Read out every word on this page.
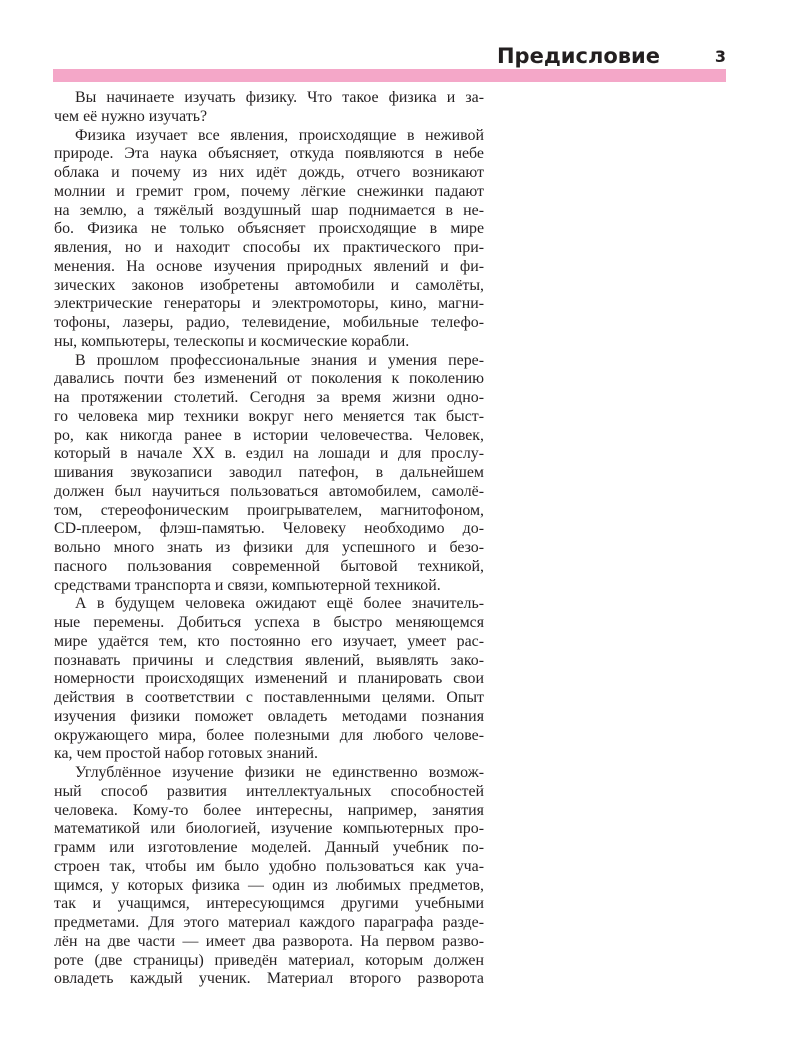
Предисловие	3

Вы начинаете изучать физику. Что такое физика и за-
чем её нужно изучать?

Физика изучает все явления, происходящие в неживой
природе. Эта наука объясняет, откуда появляются в небе
облака и почему из них идёт дождь, отчего возникают
молнии и гремит гром, почему лёгкие снежинки падают
на землю, а тяжёлый воздушный шар поднимается в не-
бо. Физика не только объясняет происходящие в мире
явления, но и находит способы их практического при-
менения. На основе изучения природных явлений и фи-
зических законов изобретены автомобили и самолёты,
электрические генераторы и электромоторы, кино, магни-
тофоны, лазеры, радио, телевидение, мобильные телефо-
ны, компьютеры, телескопы и космические корабли.

В прошлом профессиональные знания и умения пере-
давались почти без изменений от поколения к поколению
на протяжении столетий. Сегодня за время жизни одно-
го человека мир техники вокруг него меняется так быст-
ро, как никогда ранее в истории человечества. Человек,
который в начале XX в. ездил на лошади и для прослу-
шивания звукозаписи заводил патефон, в дальнейшем
должен был научиться пользоваться автомобилем, самолё-
том, стереофоническим проигрывателем, магнитофоном,
CD-плеером, флэш-памятью. Человеку необходимо до-
вольно много знать из физики для успешного и безо-
пасного пользования современной бытовой техникой,
средствами транспорта и связи, компьютерной техникой.

А в будущем человека ожидают ещё более значитель-
ные перемены. Добиться успеха в быстро меняющемся
мире удаётся тем, кто постоянно его изучает, умеет рас-
познавать причины и следствия явлений, выявлять зако-
номерности происходящих изменений и планировать свои
действия в соответствии с поставленными целями. Опыт
изучения физики поможет овладеть методами познания
окружающего мира, более полезными для любого челове-
ка, чем простой набор готовых знаний.

Углублённое изучение физики не единственно возмож-
ный способ развития интеллектуальных способностей
человека. Кому-то более интересны, например, занятия
математикой или биологией, изучение компьютерных про-
грамм или изготовление моделей. Данный учебник по-
строен так, чтобы им было удобно пользоваться как уча-
щимся, у которых физика — один из любимых предметов,
так и учащимся, интересующимся другими учебными
предметами. Для этого материал каждого параграфа разде-
лён на две части — имеет два разворота. На первом разво-
роте (две страницы) приведён материал, которым должен
овладеть каждый ученик. Материал второго разворота
